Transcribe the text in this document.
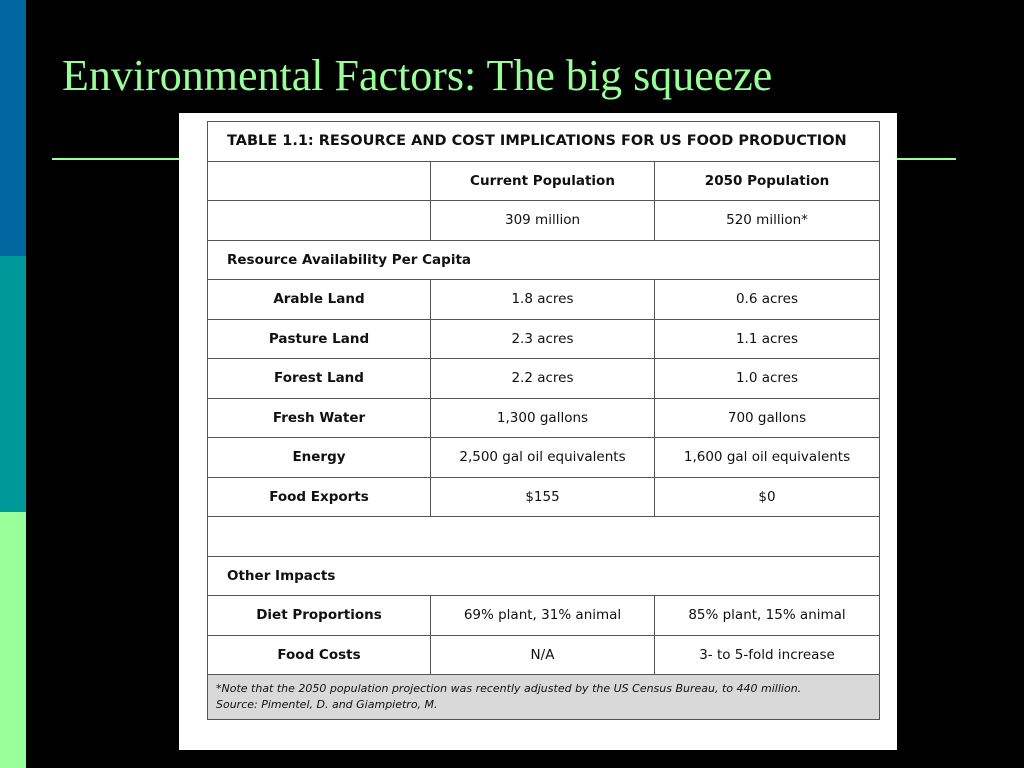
Environmental Factors: The big squeeze
TABLE 1.1: RESOURCE AND COST IMPLICATIONS FOR US FOOD PRODUCTION		
	Current Population	2050 Population
	309 million	520 million*
Resource Availability Per Capita		
Arable Land	1.8 acres	0.6 acres
Pasture Land	2.3 acres	1.1 acres
Forest Land	2.2 acres	1.0 acres
Fresh Water	1,300 gallons	700 gallons
Energy	2,500 gal oil equivalents	1,600 gal oil equivalents
Food Exports	$155	$0

Other Impacts		
Diet Proportions	69% plant, 31% animal	85% plant, 15% animal
Food Costs	N/A	3- to 5-fold increase

*Note that the 2050 population projection was recently adjusted by the US Census Bureau, to 440 million.
Source: Pimentel, D. and Giampietro, M.		
